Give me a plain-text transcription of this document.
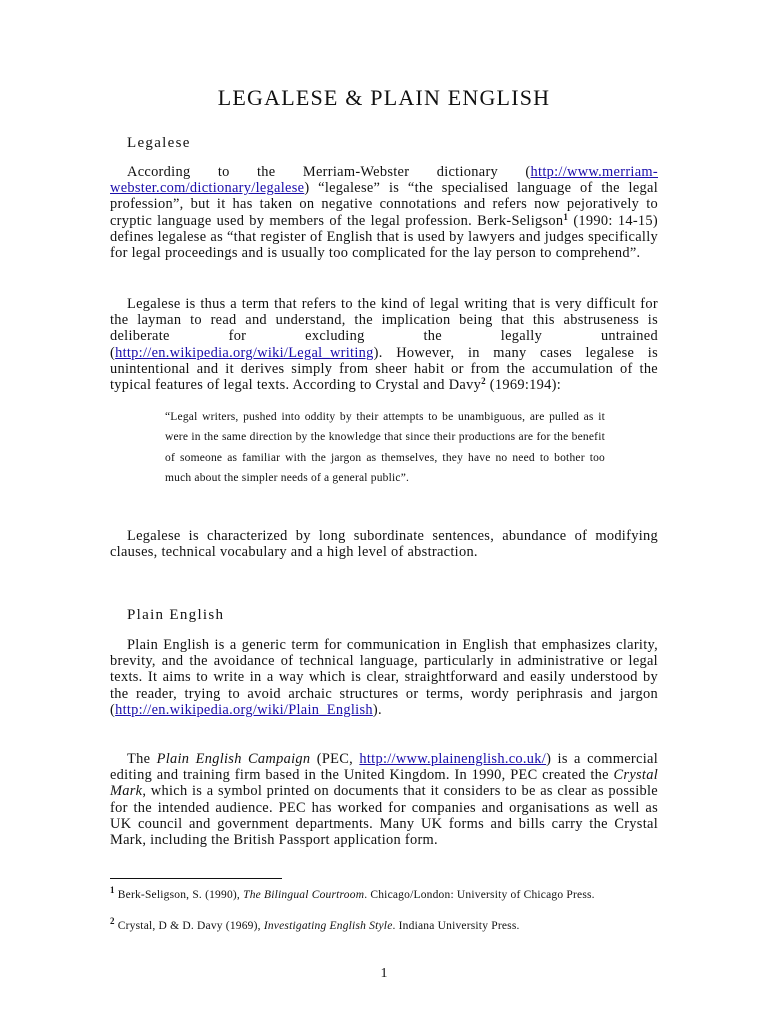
LEGALESE & PLAIN ENGLISH
Legalese

According to the Merriam-Webster dictionary (http://www.merriam-webster.com/dictionary/legalese) “legalese” is “the specialised language of the legal profession”, but it has taken on negative connotations and refers now pejoratively to cryptic language used by members of the legal profession. Berk-Seligson$^1$ (1990: 14-15) defines legalese as “that register of English that is used by lawyers and judges specifically for legal proceedings and is usually too complicated for the lay person to comprehend”.

Legalese is thus a term that refers to the kind of legal writing that is very difficult for the layman to read and understand, the implication being that this abstruseness is deliberate for excluding the legally untrained (http://en.wikipedia.org/wiki/Legal_writing). However, in many cases legalese is unintentional and it derives simply from sheer habit or from the accumulation of the typical features of legal texts. According to Crystal and Davy$^2$ (1969:194):

“Legal writers, pushed into oddity by their attempts to be unambiguous, are pulled as it were in the same direction by the knowledge that since their productions are for the benefit of someone as familiar with the jargon as themselves, they have no need to bother too much about the simpler needs of a general public”.

Legalese is characterized by long subordinate sentences, abundance of modifying clauses, technical vocabulary and a high level of abstraction.

Plain English

Plain English is a generic term for communication in English that emphasizes clarity, brevity, and the avoidance of technical language, particularly in administrative or legal texts. It aims to write in a way which is clear, straightforward and easily understood by the reader, trying to avoid archaic structures or terms, wordy periphrasis and jargon (http://en.wikipedia.org/wiki/Plain_English).

The Plain English Campaign (PEC, http://www.plainenglish.co.uk/) is a commercial editing and training firm based in the United Kingdom. In 1990, PEC created the Crystal Mark, which is a symbol printed on documents that it considers to be as clear as possible for the intended audience. PEC has worked for companies and organisations as well as UK council and government departments. Many UK forms and bills carry the Crystal Mark, including the British Passport application form.

$^1$ Berk-Seligson, S. (1990), The Bilingual Courtroom. Chicago/London: University of Chicago Press.

$^2$ Crystal, D & D. Davy (1969), Investigating English Style. Indiana University Press.

1
